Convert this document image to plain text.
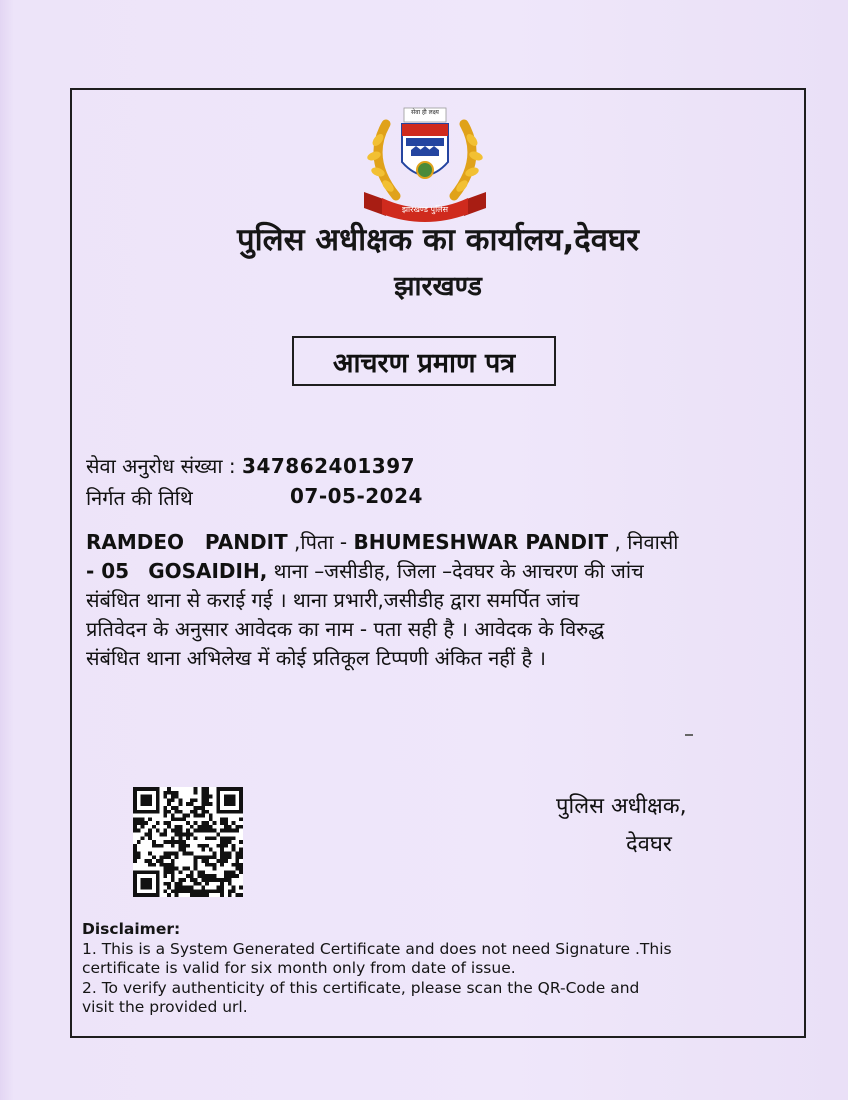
सेवा ही लक्ष्य
झारखण्ड पुलिस
पुलिस अधीक्षक का कार्यालय,देवघर
झारखण्ड
आचरण प्रमाण पत्र
सेवा अनुरोध संख्या : 347862401397
निर्गत की तिथि	07-05-2024
RAMDEO   PANDIT ,पिता - BHUMESHWAR PANDIT , निवासी
- 05 GOSAIDIH, थाना –जसीडीह, जिला –देवघर के आचरण की जांच
संबंधित थाना से कराई गई । थाना प्रभारी,जसीडीह द्वारा समर्पित जांच
प्रतिवेदन के अनुसार आवेदक का नाम - पता सही है । आवेदक के विरुद्ध
संबंधित थाना अभिलेख में कोई प्रतिकूल टिप्पणी अंकित नहीं है ।
पुलिस अधीक्षक,
देवघर
Disclaimer:
1. This is a System Generated Certificate and does not need Signature .This
certificate is valid for six month only from date of issue.
2. To verify authenticity of this certificate, please scan the QR-Code and
visit the provided url.
